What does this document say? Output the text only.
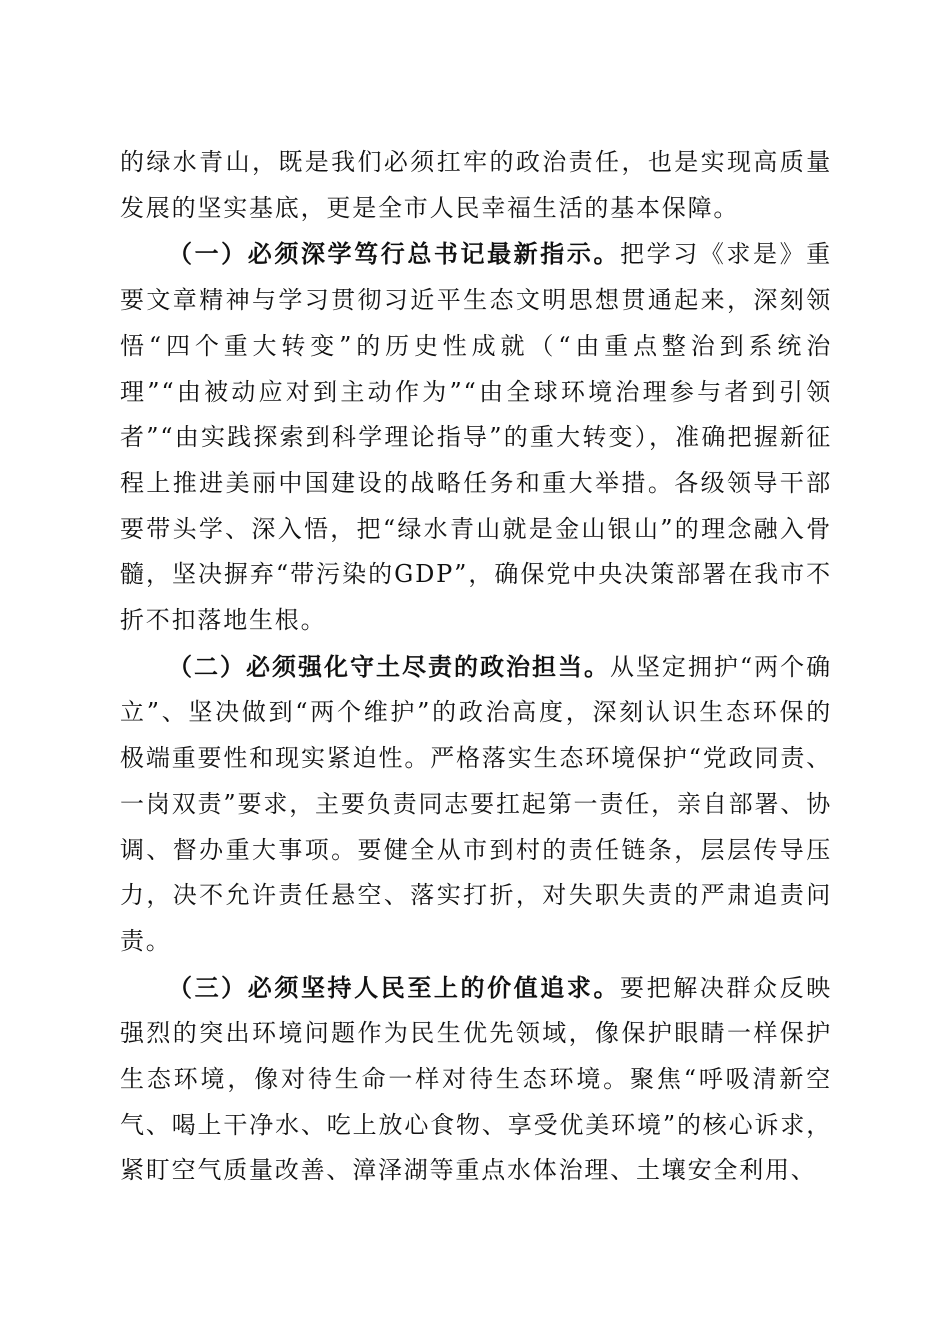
的绿水青山，既是我们必须扛牢的政治责任，也是实现高质量发展的坚实基底，更是全市人民幸福生活的基本保障。

（一）必须深学笃行总书记最新指示。把学习《求是》重要文章精神与学习贯彻习近平生态文明思想贯通起来，深刻领悟“四个重大转变”的历史性成就（“由重点整治到系统治理”“由被动应对到主动作为”“由全球环境治理参与者到引领者”“由实践探索到科学理论指导”的重大转变），准确把握新征程上推进美丽中国建设的战略任务和重大举措。各级领导干部要带头学、深入悟，把“绿水青山就是金山银山”的理念融入骨髓，坚决摒弃“带污染的GDP”，确保党中央决策部署在我市不折不扣落地生根。

（二）必须强化守土尽责的政治担当。从坚定拥护“两个确立”、坚决做到“两个维护”的政治高度，深刻认识生态环保的极端重要性和现实紧迫性。严格落实生态环境保护“党政同责、一岗双责”要求，主要负责同志要扛起第一责任，亲自部署、协调、督办重大事项。要健全从市到村的责任链条，层层传导压力，决不允许责任悬空、落实打折，对失职失责的严肃追责问责。

（三）必须坚持人民至上的价值追求。要把解决群众反映强烈的突出环境问题作为民生优先领域，像保护眼睛一样保护生态环境，像对待生命一样对待生态环境。聚焦“呼吸清新空气、喝上干净水、吃上放心食物、享受优美环境”的核心诉求，紧盯空气质量改善、漳泽湖等重点水体治理、土壤安全利用、
